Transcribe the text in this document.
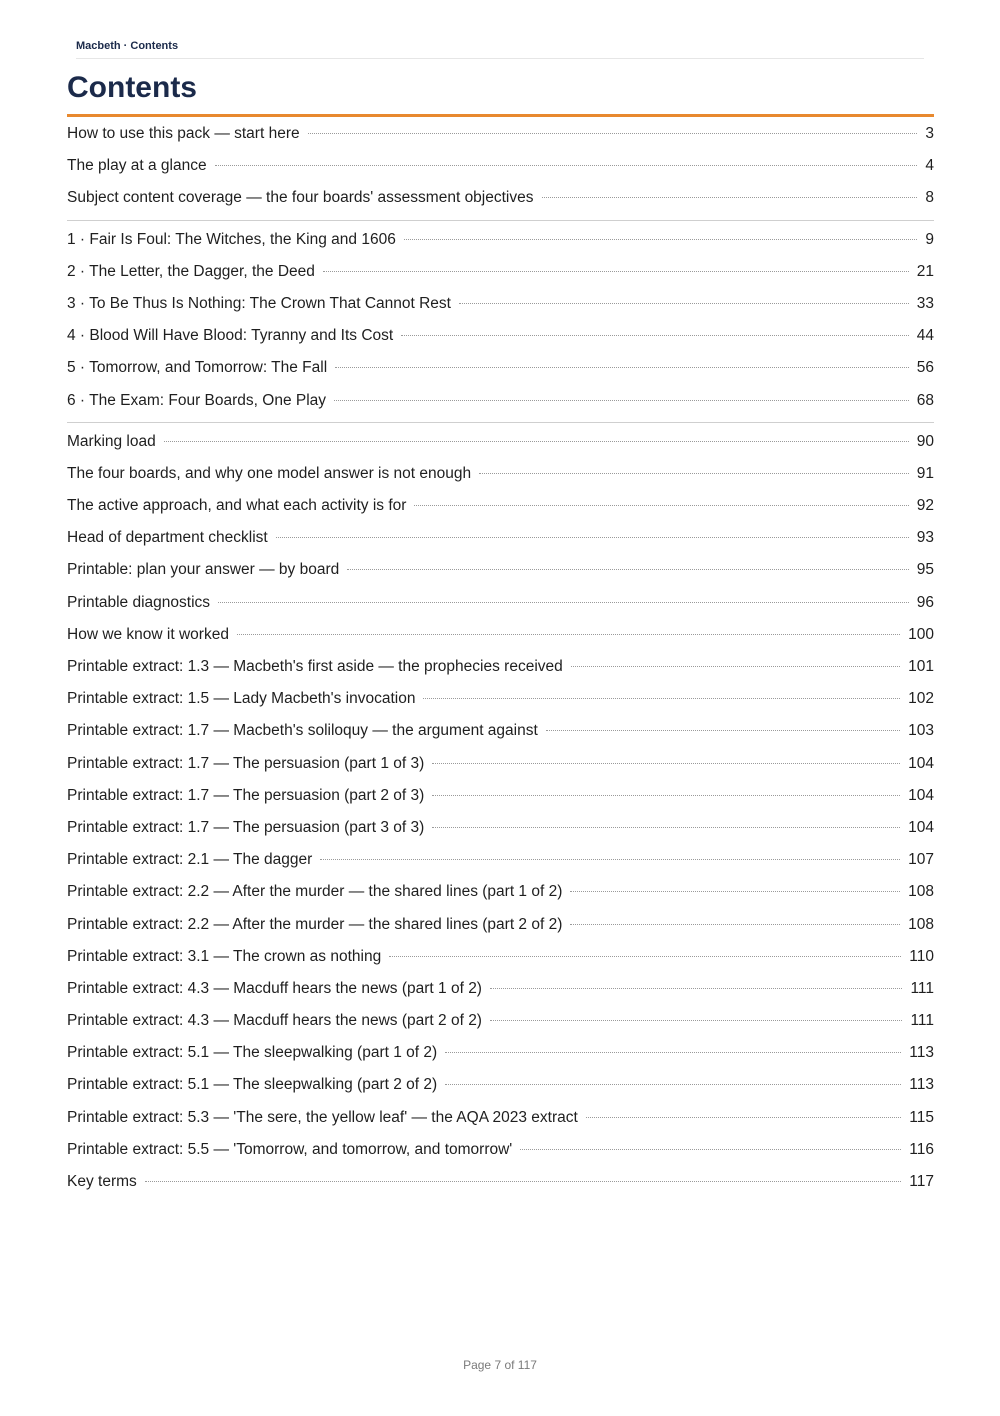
Macbeth · Contents
Contents
How to use this pack — start here	3
The play at a glance	4
Subject content coverage — the four boards' assessment objectives	8
1 · Fair Is Foul: The Witches, the King and 1606	9
2 · The Letter, the Dagger, the Deed	21
3 · To Be Thus Is Nothing: The Crown That Cannot Rest	33
4 · Blood Will Have Blood: Tyranny and Its Cost	44
5 · Tomorrow, and Tomorrow: The Fall	56
6 · The Exam: Four Boards, One Play	68
Marking load	90
The four boards, and why one model answer is not enough	91
The active approach, and what each activity is for	92
Head of department checklist	93
Printable: plan your answer — by board	95
Printable diagnostics	96
How we know it worked	100
Printable extract: 1.3 — Macbeth's first aside — the prophecies received	101
Printable extract: 1.5 — Lady Macbeth's invocation	102
Printable extract: 1.7 — Macbeth's soliloquy — the argument against	103
Printable extract: 1.7 — The persuasion (part 1 of 3)	104
Printable extract: 1.7 — The persuasion (part 2 of 3)	104
Printable extract: 1.7 — The persuasion (part 3 of 3)	104
Printable extract: 2.1 — The dagger	107
Printable extract: 2.2 — After the murder — the shared lines (part 1 of 2)	108
Printable extract: 2.2 — After the murder — the shared lines (part 2 of 2)	108
Printable extract: 3.1 — The crown as nothing	110
Printable extract: 4.3 — Macduff hears the news (part 1 of 2)	111
Printable extract: 4.3 — Macduff hears the news (part 2 of 2)	111
Printable extract: 5.1 — The sleepwalking (part 1 of 2)	113
Printable extract: 5.1 — The sleepwalking (part 2 of 2)	113
Printable extract: 5.3 — 'The sere, the yellow leaf' — the AQA 2023 extract	115
Printable extract: 5.5 — 'Tomorrow, and tomorrow, and tomorrow'	116
Key terms	117
Page 7 of 117
